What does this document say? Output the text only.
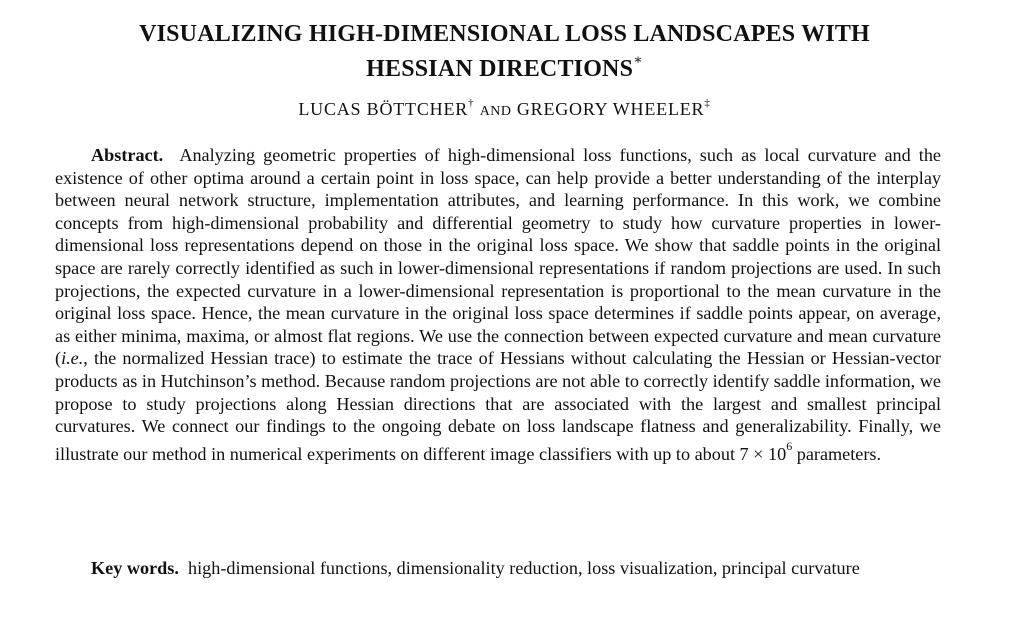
VISUALIZING HIGH-DIMENSIONAL LOSS LANDSCAPES WITH
HESSIAN DIRECTIONS∗
LUCAS BÖTTCHER† AND GREGORY WHEELER‡

Abstract. Analyzing geometric properties of high-dimensional loss functions, such as local curvature and the existence of other optima around a certain point in loss space, can help provide a better understanding of the interplay between neural network structure, implementation attributes, and learning performance. In this work, we combine concepts from high-dimensional probability and differential geometry to study how curvature properties in lower-dimensional loss representations depend on those in the original loss space. We show that saddle points in the original space are rarely correctly identified as such in lower-dimensional representations if random projections are used. In such projections, the expected curvature in a lower-dimensional representation is proportional to the mean curvature in the original loss space. Hence, the mean curvature in the original loss space determines if saddle points appear, on average, as either minima, maxima, or almost flat regions. We use the connection between expected curvature and mean curvature (i.e., the normalized Hessian trace) to estimate the trace of Hessians without calculating the Hessian or Hessian-vector products as in Hutchinson’s method. Because random projections are not able to correctly identify saddle information, we propose to study projections along Hessian directions that are associated with the largest and smallest principal curvatures. We connect our findings to the ongoing debate on loss landscape flatness and generalizability. Finally, we illustrate our method in numerical experiments on different image classifiers with up to about $7 \times 10^6$ parameters.

Key words. high-dimensional functions, dimensionality reduction, loss visualization, principal curvature
